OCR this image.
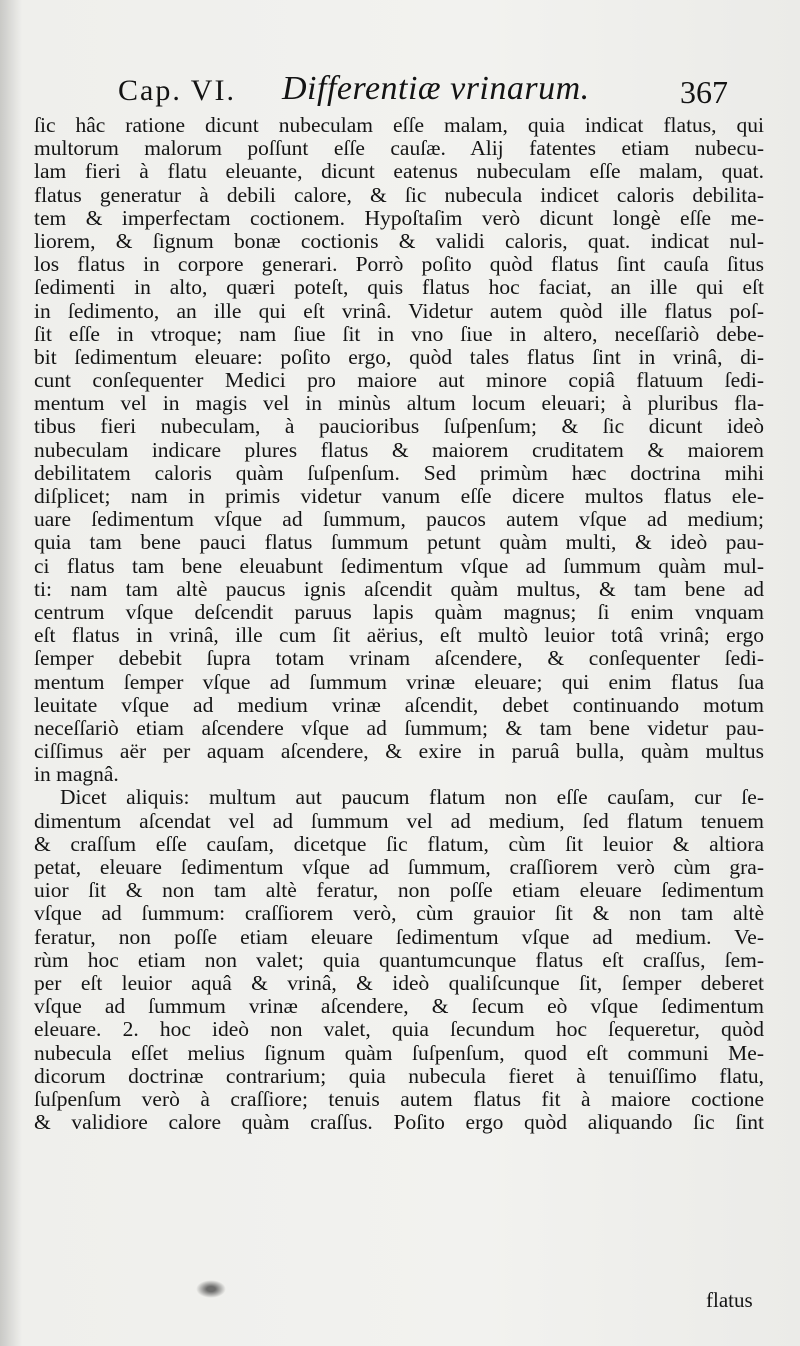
Cap. VI. Differentiæ vrinarum.	367
ſic hâc ratione dicunt nubeculam eſſe malam, quia indicat flatus, qui
multorum malorum poſſunt eſſe cauſæ. Alij fatentes etiam nubecu-
lam fieri à flatu eleuante, dicunt eatenus nubeculam eſſe malam, quat.
flatus generatur à debili calore, & ſic nubecula indicet caloris debilita-
tem & imperfectam coctionem. Hypoſtaſim verò dicunt longè eſſe me-
liorem, & ſignum bonæ coctionis & validi caloris, quat. indicat nul-
los flatus in corpore generari. Porrò poſito quòd flatus ſint cauſa ſitus
ſedimenti in alto, quæri poteſt, quis flatus hoc faciat, an ille qui eſt
in ſedimento, an ille qui eſt vrinâ. Videtur autem quòd ille flatus poſ-
ſit eſſe in vtroque; nam ſiue ſit in vno ſiue in altero, neceſſariò debe-
bit ſedimentum eleuare: poſito ergo, quòd tales flatus ſint in vrinâ, di-
cunt conſequenter Medici pro maiore aut minore copiâ flatuum ſedi-
mentum vel in magis vel in minùs altum locum eleuari; à pluribus fla-
tibus fieri nubeculam, à paucioribus ſuſpenſum; & ſic dicunt ideò
nubeculam indicare plures flatus & maiorem cruditatem & maiorem
debilitatem caloris quàm ſuſpenſum. Sed primùm hæc doctrina mihi
diſplicet; nam in primis videtur vanum eſſe dicere multos flatus ele-
uare ſedimentum vſque ad ſummum, paucos autem vſque ad medium;
quia tam bene pauci flatus ſummum petunt quàm multi, & ideò pau-
ci flatus tam bene eleuabunt ſedimentum vſque ad ſummum quàm mul-
ti: nam tam altè paucus ignis aſcendit quàm multus, & tam bene ad
centrum vſque deſcendit paruus lapis quàm magnus; ſi enim vnquam
eſt flatus in vrinâ, ille cum ſit aërius, eſt multò leuior totâ vrinâ; ergo
ſemper debebit ſupra totam vrinam aſcendere, & conſequenter ſedi-
mentum ſemper vſque ad ſummum vrinæ eleuare; qui enim flatus ſua
leuitate vſque ad medium vrinæ aſcendit, debet continuando motum
neceſſariò etiam aſcendere vſque ad ſummum; & tam bene videtur pau-
ciſſimus aër per aquam aſcendere, & exire in paruâ bulla, quàm multus
in magnâ.
Dicet aliquis: multum aut paucum flatum non eſſe cauſam, cur ſe-
dimentum aſcendat vel ad ſummum vel ad medium, ſed flatum tenuem
& craſſum eſſe cauſam, dicetque ſic flatum, cùm ſit leuior & altiora
petat, eleuare ſedimentum vſque ad ſummum, craſſiorem verò cùm gra-
uior ſit & non tam altè feratur, non poſſe etiam eleuare ſedimentum
vſque ad ſummum: craſſiorem verò, cùm grauior ſit & non tam altè
feratur, non poſſe etiam eleuare ſedimentum vſque ad medium. Ve-
rùm hoc etiam non valet; quia quantumcunque flatus eſt craſſus, ſem-
per eſt leuior aquâ & vrinâ, & ideò qualiſcunque ſit, ſemper deberet
vſque ad ſummum vrinæ aſcendere, & ſecum eò vſque ſedimentum
eleuare. 2. hoc ideò non valet, quia ſecundum hoc ſequeretur, quòd
nubecula eſſet melius ſignum quàm ſuſpenſum, quod eſt communi Me-
dicorum doctrinæ contrarium; quia nubecula fieret à tenuiſſimo flatu,
ſuſpenſum verò à craſſiore; tenuis autem flatus fit à maiore coctione
& validiore calore quàm craſſus. Poſito ergo quòd aliquando ſic ſint
flatus
